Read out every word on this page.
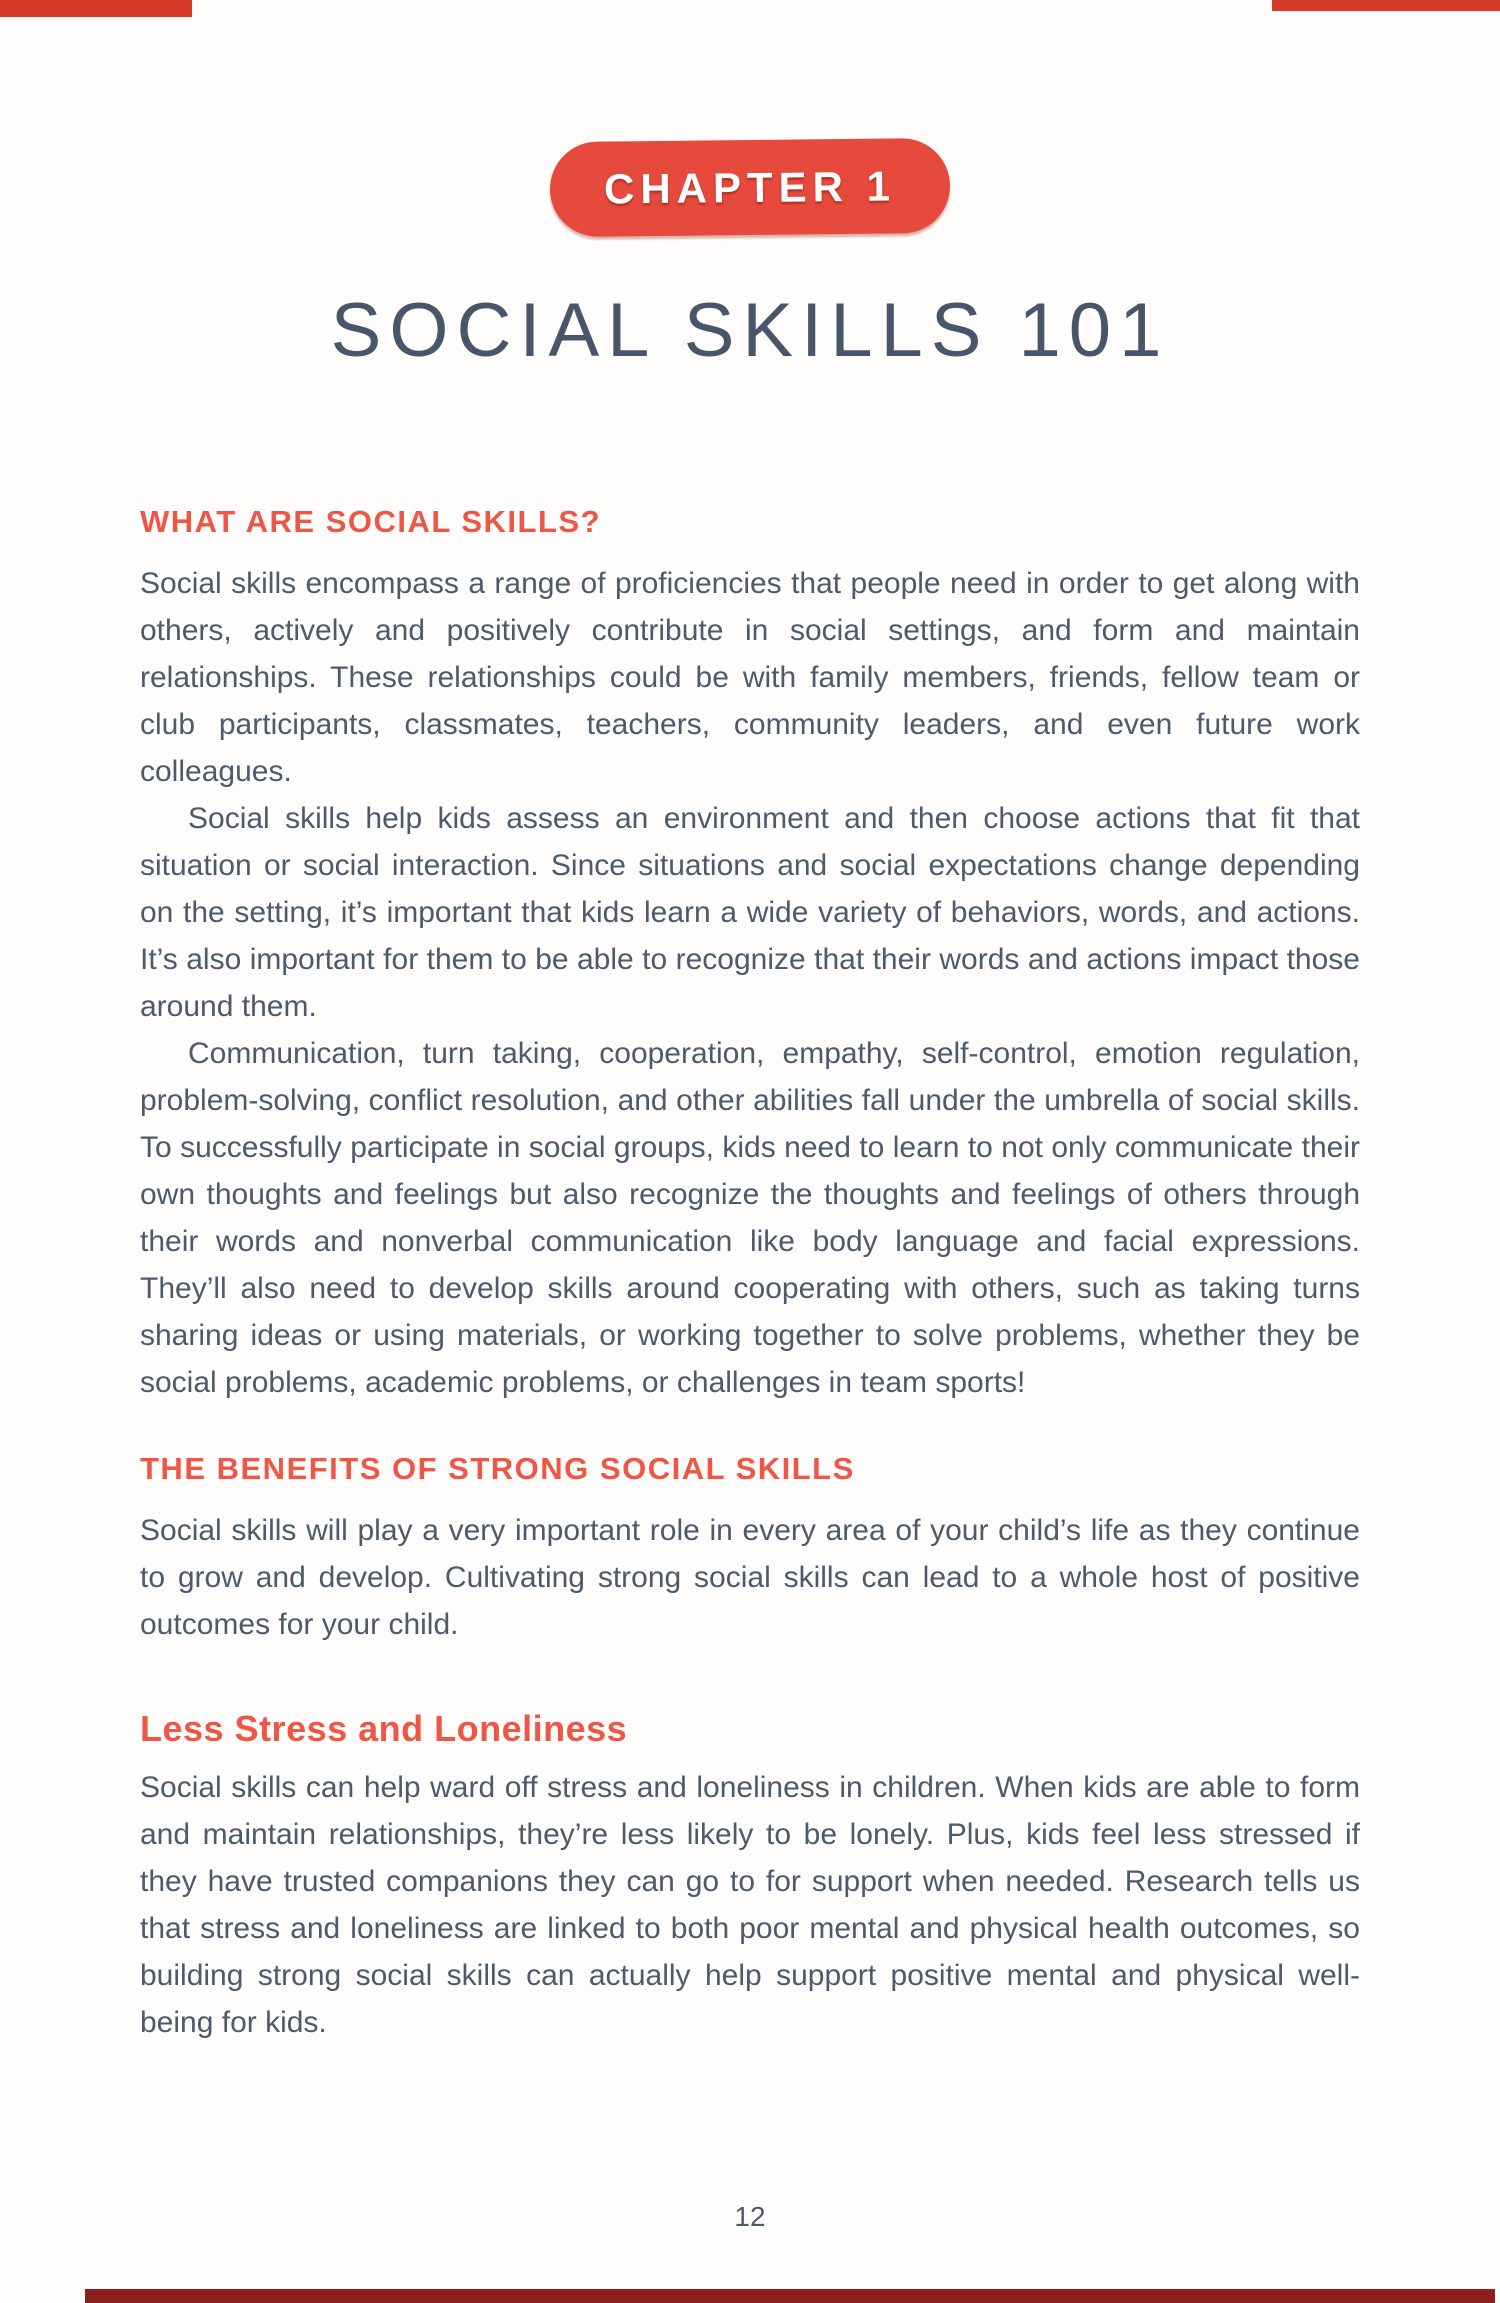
CHAPTER 1
SOCIAL SKILLS 101
WHAT ARE SOCIAL SKILLS?

Social skills encompass a range of proficiencies that people need in order to get along with others, actively and positively contribute in social settings, and form and maintain relationships. These relationships could be with family members, friends, fellow team or club participants, classmates, teachers, community leaders, and even future work colleagues.

Social skills help kids assess an environment and then choose actions that fit that situation or social interaction. Since situations and social expectations change depending on the setting, it’s important that kids learn a wide variety of behaviors, words, and actions. It’s also important for them to be able to recognize that their words and actions impact those around them.

Communication, turn taking, cooperation, empathy, self-control, emotion regulation, problem-solving, conflict resolution, and other abilities fall under the umbrella of social skills. To successfully participate in social groups, kids need to learn to not only communicate their own thoughts and feelings but also recognize the thoughts and feelings of others through their words and nonverbal communication like body language and facial expressions. They’ll also need to develop skills around cooperating with others, such as taking turns sharing ideas or using materials, or working together to solve problems, whether they be social problems, academic problems, or challenges in team sports!

THE BENEFITS OF STRONG SOCIAL SKILLS

Social skills will play a very important role in every area of your child’s life as they continue to grow and develop. Cultivating strong social skills can lead to a whole host of positive outcomes for your child.

Less Stress and Loneliness

Social skills can help ward off stress and loneliness in children. When kids are able to form and maintain relationships, they’re less likely to be lonely. Plus, kids feel less stressed if they have trusted companions they can go to for support when needed. Research tells us that stress and loneliness are linked to both poor mental and physical health outcomes, so building strong social skills can actually help support positive mental and physical well-being for kids.

12
